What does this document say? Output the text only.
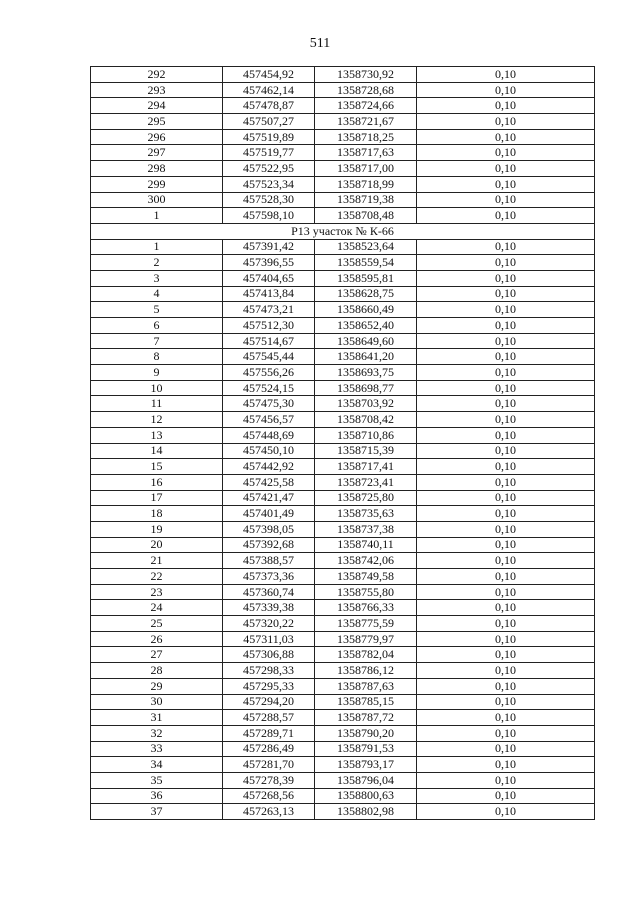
511
292	457454,92	1358730,92	0,10
293	457462,14	1358728,68	0,10
294	457478,87	1358724,66	0,10
295	457507,27	1358721,67	0,10
296	457519,89	1358718,25	0,10
297	457519,77	1358717,63	0,10
298	457522,95	1358717,00	0,10
299	457523,34	1358718,99	0,10
300	457528,30	1358719,38	0,10
1	457598,10	1358708,48	0,10
Р13 участок № К-66			
1	457391,42	1358523,64	0,10
2	457396,55	1358559,54	0,10
3	457404,65	1358595,81	0,10
4	457413,84	1358628,75	0,10
5	457473,21	1358660,49	0,10
6	457512,30	1358652,40	0,10
7	457514,67	1358649,60	0,10
8	457545,44	1358641,20	0,10
9	457556,26	1358693,75	0,10
10	457524,15	1358698,77	0,10
11	457475,30	1358703,92	0,10
12	457456,57	1358708,42	0,10
13	457448,69	1358710,86	0,10
14	457450,10	1358715,39	0,10
15	457442,92	1358717,41	0,10
16	457425,58	1358723,41	0,10
17	457421,47	1358725,80	0,10
18	457401,49	1358735,63	0,10
19	457398,05	1358737,38	0,10
20	457392,68	1358740,11	0,10
21	457388,57	1358742,06	0,10
22	457373,36	1358749,58	0,10
23	457360,74	1358755,80	0,10
24	457339,38	1358766,33	0,10
25	457320,22	1358775,59	0,10
26	457311,03	1358779,97	0,10
27	457306,88	1358782,04	0,10
28	457298,33	1358786,12	0,10
29	457295,33	1358787,63	0,10
30	457294,20	1358785,15	0,10
31	457288,57	1358787,72	0,10
32	457289,71	1358790,20	0,10
33	457286,49	1358791,53	0,10
34	457281,70	1358793,17	0,10
35	457278,39	1358796,04	0,10
36	457268,56	1358800,63	0,10
37	457263,13	1358802,98	0,10
